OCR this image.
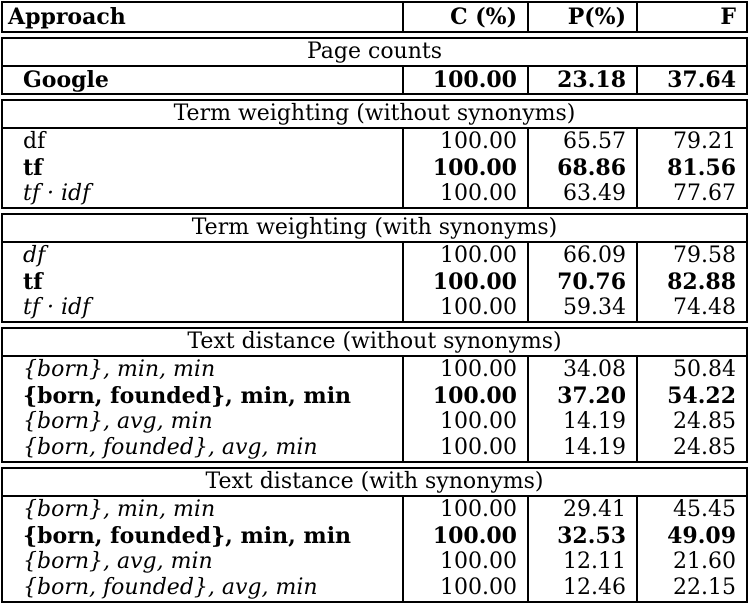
Approach	C (%)	P(%)	F

Page counts			
Google	100.00	23.18	37.64

Term weighting (without synonyms)			
df	100.00	65.57	79.21
tf	100.00	68.86	81.56
tf · idf	100.00	63.49	77.67

Term weighting (with synonyms)			
df	100.00	66.09	79.58
tf	100.00	70.76	82.88
tf · idf	100.00	59.34	74.48

Text distance (without synonyms)			
{born}, min, min	100.00	34.08	50.84
{born, founded}, min, min	100.00	37.20	54.22
{born}, avg, min	100.00	14.19	24.85
{born, founded}, avg, min	100.00	14.19	24.85

Text distance (with synonyms)			
{born}, min, min	100.00	29.41	45.45
{born, founded}, min, min	100.00	32.53	49.09
{born}, avg, min	100.00	12.11	21.60
{born, founded}, avg, min	100.00	12.46	22.15
